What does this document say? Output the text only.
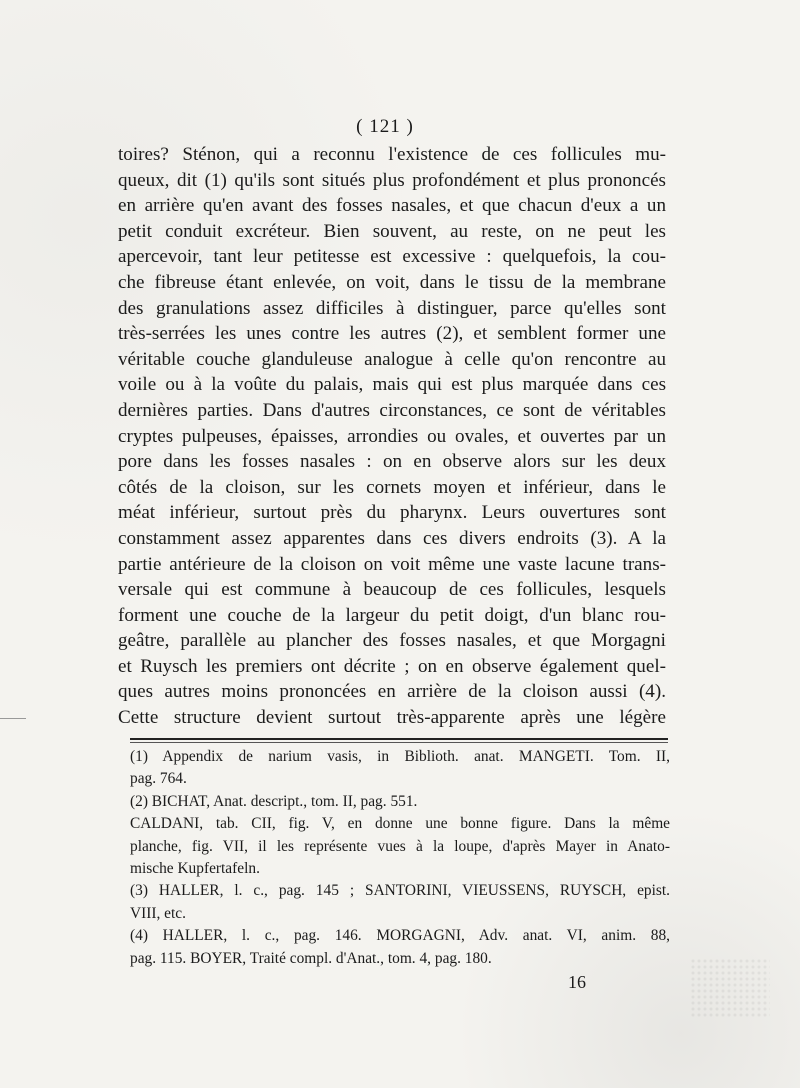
( 121 )
toires? Sténon, qui a reconnu l'existence de ces follicules mu-
queux, dit (1) qu'ils sont situés plus profondément et plus prononcés
en arrière qu'en avant des fosses nasales, et que chacun d'eux a un
petit conduit excréteur. Bien souvent, au reste, on ne peut les
apercevoir, tant leur petitesse est excessive : quelquefois, la cou-
che fibreuse étant enlevée, on voit, dans le tissu de la membrane
des granulations assez difficiles à distinguer, parce qu'elles sont
très-serrées les unes contre les autres (2), et semblent former une
véritable couche glanduleuse analogue à celle qu'on rencontre au
voile ou à la voûte du palais, mais qui est plus marquée dans ces
dernières parties. Dans d'autres circonstances, ce sont de véritables
cryptes pulpeuses, épaisses, arrondies ou ovales, et ouvertes par un
pore dans les fosses nasales : on en observe alors sur les deux
côtés de la cloison, sur les cornets moyen et inférieur, dans le
méat inférieur, surtout près du pharynx. Leurs ouvertures sont
constamment assez apparentes dans ces divers endroits (3). A la
partie antérieure de la cloison on voit même une vaste lacune trans-
versale qui est commune à beaucoup de ces follicules, lesquels
forment une couche de la largeur du petit doigt, d'un blanc rou-
geâtre, parallèle au plancher des fosses nasales, et que Morgagni
et Ruysch les premiers ont décrite ; on en observe également quel-
ques autres moins prononcées en arrière de la cloison aussi (4).
Cette structure devient surtout très-apparente après une légère
(1) Appendix de narium vasis, in Biblioth. anat. MANGETI. Tom. II,
pag. 764.
(2) BICHAT, Anat. descript., tom. II, pag. 551.
CALDANI, tab. CII, fig. V, en donne une bonne figure. Dans la même
planche, fig. VII, il les représente vues à la loupe, d'après Mayer in Anato-
mische Kupfertafeln.
(3) HALLER, l. c., pag. 145 ; SANTORINI, VIEUSSENS, RUYSCH, epist.
VIII, etc.
(4) HALLER, l. c., pag. 146. MORGAGNI, Adv. anat. VI, anim. 88,
pag. 115. BOYER, Traité compl. d'Anat., tom. 4, pag. 180.
16
